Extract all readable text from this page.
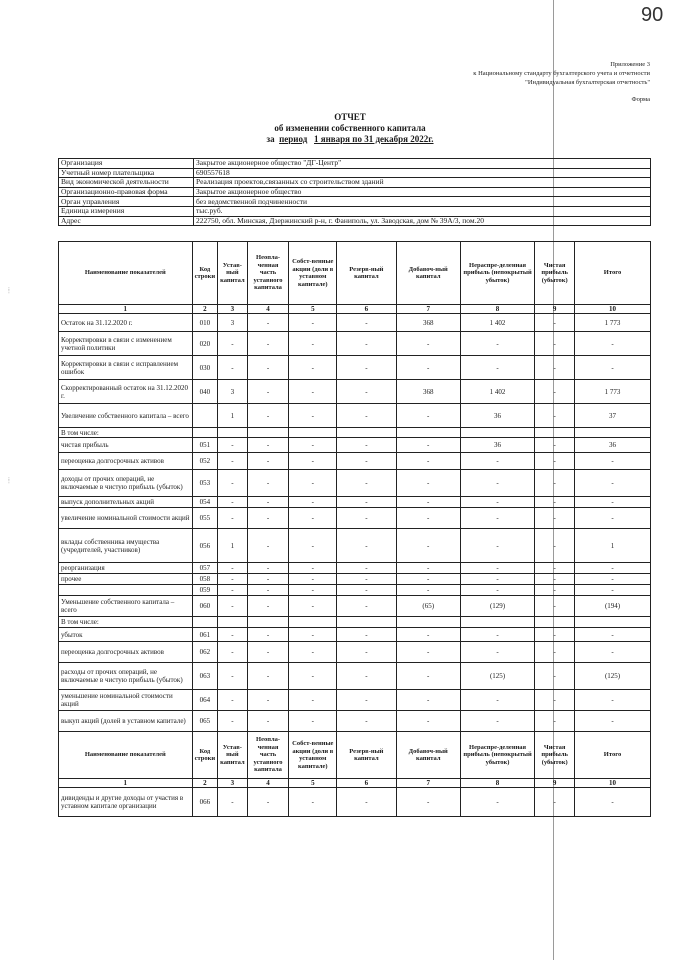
90
Приложение 3
к Национальному стандарту бухгалтерского учета и отчетности
"Индивидуальная бухгалтерская отчетность"
Форма
ОТЧЕТ
об изменении собственного капитала
за период 1 января по 31 декабря 2022г.
Организация	Закрытое акционерное общество "ДГ-Центр"
Учетный номер плательщика	690557618
Вид экономической деятельности	Реализация проектов,связанных со строительством зданий
Организационно-правовая форма	Закрытое акционерное общество
Орган управления	без ведомственной подчиненности
Единица измерения	тыс.руб.
Адрес	222750, обл. Минская, Дзержинский р-н, г. Фаниполь, ул. Заводская, дом № 39А/3, пом.20
Наименование показателей	Код строки	Устав-ный капитал	Неопла-ченная часть уставного капитала	Собст-венные акции (доли в уставном капитале)	Резерв-ный капитал	Добавоч-ный капитал	Нераспре-деленная прибыль (непокрытый убыток)	Чистая прибыль (убыток)	Итого
1	2	3	4	5	6	7	8	9	10
Остаток на 31.12.2020 г.	010	3	-	-	-	368	1 402	-	1 773
Корректировки в связи с изменением учетной политики	020	-	-	-	-	-	-	-	-
Корректировки в связи с исправлением ошибок	030	-	-	-	-	-	-	-	-
Скорректированный остаток на 31.12.2020 г.	040	3	-	-	-	368	1 402	-	1 773
Увеличение собственного капитала – всего		1	-	-	-	-	36	-	37
В том числе:									
чистая прибыль	051	-	-	-	-	-	36	-	36
переоценка долгосрочных активов	052	-	-	-	-	-	-	-	-
доходы от прочих операций, не включаемые в чистую прибыль (убыток)	053	-	-	-	-	-	-	-	-
выпуск дополнительных акций	054	-	-	-	-	-	-	-	-
увеличение номинальной стоимости акций	055	-	-	-	-	-	-	-	-
вклады собственника имущества (учредителей, участников)	056	1	-	-	-	-	-	-	1
реорганизация	057	-	-	-	-	-	-	-	-
прочее	058	-	-	-	-	-	-	-	-
	059	-	-	-	-	-	-	-	-
Уменьшение собственного капитала – всего	060	-	-	-	-	(65)	(129)	-	(194)
В том числе:									
убыток	061	-	-	-	-	-	-	-	-
переоценка долгосрочных активов	062	-	-	-	-	-	-	-	-
расходы от прочих операций, не включаемые в чистую прибыль (убыток)	063	-	-	-	-	-	(125)	-	(125)
уменьшение номинальной стоимости акций	064	-	-	-	-	-	-	-	-
выкуп акций (долей в уставном капитале)	065	-	-	-	-	-	-	-	-
Наименование показателей	Код строки	Устав-ный капитал	Неопла-ченная часть уставного капитала	Собст-венные акции (доли в уставном капитале)	Резерв-ный капитал	Добавоч-ный капитал	Нераспре-деленная прибыль (непокрытый убыток)	Чистая прибыль (убыток)	Итого
1	2	3	4	5	6	7	8	9	10
дивиденды и другие доходы от участия в уставном капитале организации	066	-	-	-	-	-	-	-	-
⦙
⦙
